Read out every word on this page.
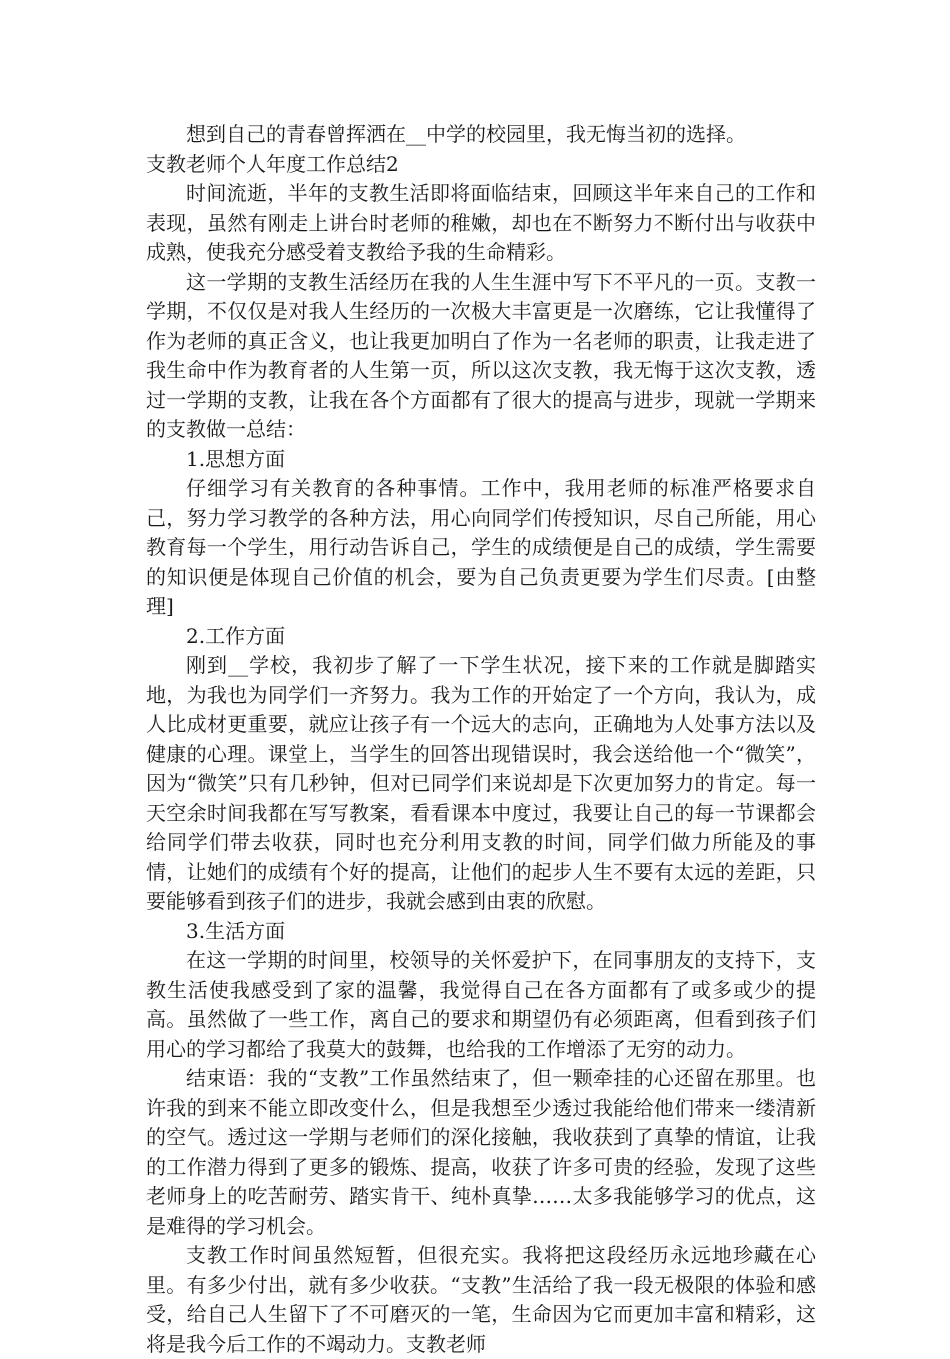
想到自己的青春曾挥洒在__中学的校园里，我无悔当初的选择。

支教老师个人年度工作总结2

时间流逝，半年的支教生活即将面临结束，回顾这半年来自己的工作和表现，虽然有刚走上讲台时老师的稚嫩，却也在不断努力不断付出与收获中成熟，使我充分感受着支教给予我的生命精彩。

这一学期的支教生活经历在我的人生生涯中写下不平凡的一页。支教一学期，不仅仅是对我人生经历的一次极大丰富更是一次磨练，它让我懂得了作为老师的真正含义，也让我更加明白了作为一名老师的职责，让我走进了我生命中作为教育者的人生第一页，所以这次支教，我无悔于这次支教，透过一学期的支教，让我在各个方面都有了很大的提高与进步，现就一学期来的支教做一总结：

1.思想方面

仔细学习有关教育的各种事情。工作中，我用老师的标准严格要求自己，努力学习教学的各种方法，用心向同学们传授知识，尽自己所能，用心教育每一个学生，用行动告诉自己，学生的成绩便是自己的成绩，学生需要的知识便是体现自己价值的机会，要为自己负责更要为学生们尽责。[由整理]

2.工作方面

刚到__学校，我初步了解了一下学生状况，接下来的工作就是脚踏实地，为我也为同学们一齐努力。我为工作的开始定了一个方向，我认为，成人比成材更重要，就应让孩子有一个远大的志向，正确地为人处事方法以及健康的心理。课堂上，当学生的回答出现错误时，我会送给他一个“微笑”，因为“微笑”只有几秒钟，但对已同学们来说却是下次更加努力的肯定。每一天空余时间我都在写写教案，看看课本中度过，我要让自己的每一节课都会给同学们带去收获，同时也充分利用支教的时间，同学们做力所能及的事情，让她们的成绩有个好的提高，让他们的起步人生不要有太远的差距，只要能够看到孩子们的进步，我就会感到由衷的欣慰。

3.生活方面

在这一学期的时间里，校领导的关怀爱护下，在同事朋友的支持下，支教生活使我感受到了家的温馨，我觉得自己在各方面都有了或多或少的提高。虽然做了一些工作，离自己的要求和期望仍有必须距离，但看到孩子们用心的学习都给了我莫大的鼓舞，也给我的工作增添了无穷的动力。

结束语：我的“支教”工作虽然结束了，但一颗牵挂的心还留在那里。也许我的到来不能立即改变什么，但是我想至少透过我能给他们带来一缕清新的空气。透过这一学期与老师们的深化接触，我收获到了真挚的情谊，让我的工作潜力得到了更多的锻炼、提高，收获了许多可贵的经验，发现了这些老师身上的吃苦耐劳、踏实肯干、纯朴真挚……太多我能够学习的优点，这是难得的学习机会。

支教工作时间虽然短暂，但很充实。我将把这段经历永远地珍藏在心里。有多少付出，就有多少收获。“支教”生活给了我一段无极限的体验和感受，给自己人生留下了不可磨灭的一笔，生命因为它而更加丰富和精彩，这将是我今后工作的不竭动力。支教老师
